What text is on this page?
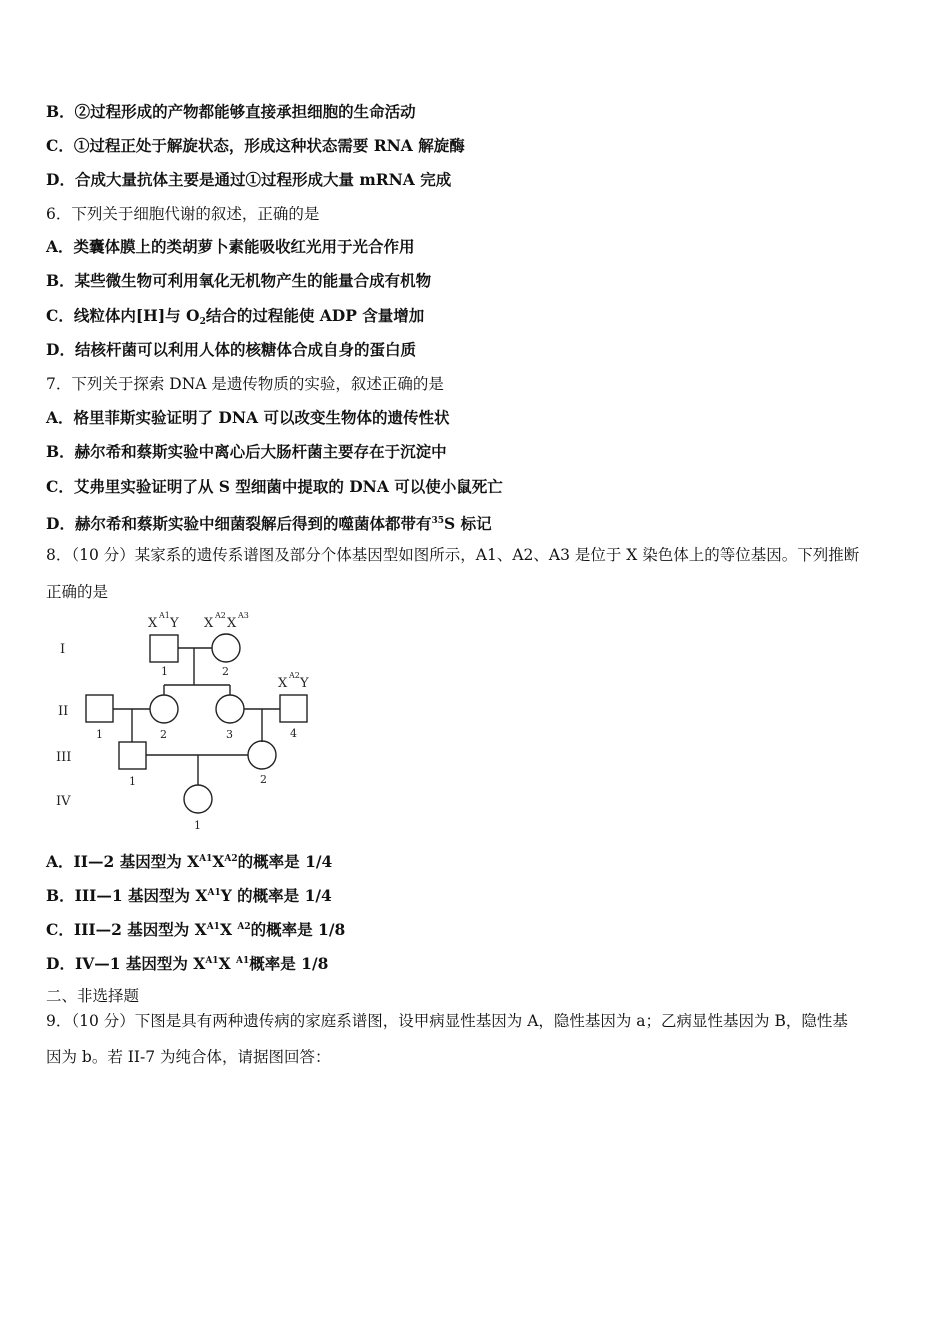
B．②过程形成的产物都能够直接承担细胞的生命活动
C．①过程正处于解旋状态，形成这种状态需要 RNA 解旋酶
D．合成大量抗体主要是通过①过程形成大量 mRNA 完成
6．下列关于细胞代谢的叙述，正确的是
A．类囊体膜上的类胡萝卜素能吸收红光用于光合作用
B．某些微生物可利用氧化无机物产生的能量合成有机物
C．线粒体内[H]与 $O_2$结合的过程能使 ADP 含量增加
D．结核杆菌可以利用人体的核糖体合成自身的蛋白质
7．下列关于探索 DNA 是遗传物质的实验，叙述正确的是
A．格里菲斯实验证明了 DNA 可以改变生物体的遗传性状
B．赫尔希和蔡斯实验中离心后大肠杆菌主要存在于沉淀中
C．艾弗里实验证明了从 S 型细菌中提取的 DNA 可以使小鼠死亡
D．赫尔希和蔡斯实验中细菌裂解后得到的噬菌体都带有$^{35}$S 标记
8．（10 分）某家系的遗传系谱图及部分个体基因型如图所示，A1、A2、A3 是位于 X 染色体上的等位基因。下列推断
正确的是
I
II
III
IV
X
A1
Y X
A2
X
A3
X
A2
Y
1	2
1	2	3	4
1	2
1
A．II—2 基因型为 $X^{A1}X^{A2}$的概率是 1/4
B．III—1 基因型为 $X^{A1}Y$ 的概率是 1/4
C．III—2 基因型为 $X^{A1}X$ $^{A2}$的概率是 1/8
D．IV—1 基因型为 $X^{A1}X$ $^{A1}$概率是 1/8
二、非选择题
9．（10 分）下图是具有两种遗传病的家庭系谱图，设甲病显性基因为 A，隐性基因为 a；乙病显性基因为 B，隐性基
因为 b。若 II-7 为纯合体，请据图回答：
